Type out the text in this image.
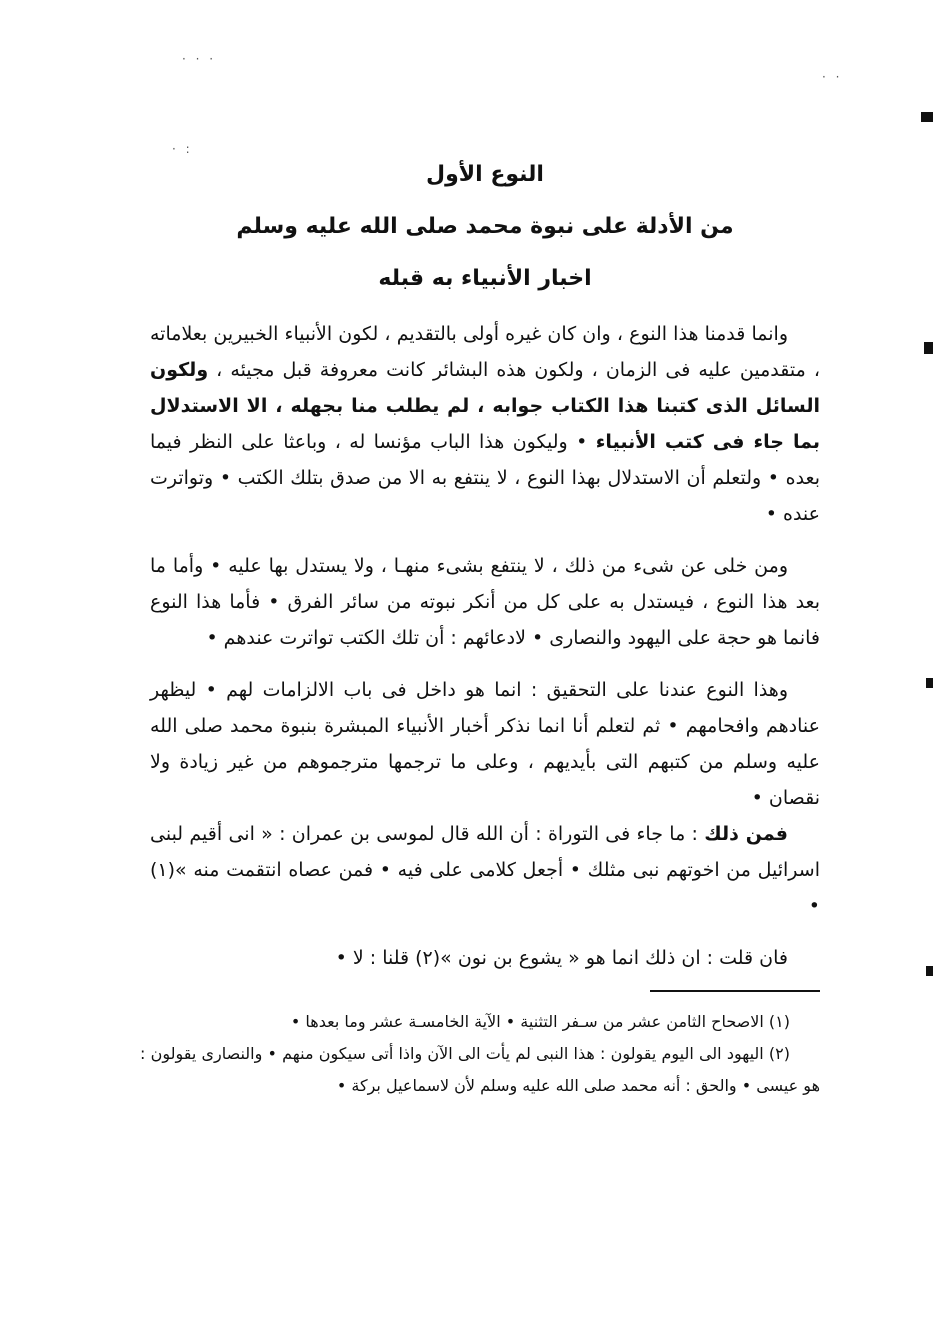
· · ·
· :
· ·
النوع الأول
من الأدلة على نبوة محمد صلى الله عليه وسلم
اخبار الأنبياء به قبله

وانما قدمنا هذا النوع ، وان كان غيره أولى بالتقديم ، لكون الأنبياء الخبيرين بعلاماته ، متقدمين عليه فى الزمان ، ولكون هذه البشائر كانت معروفة قبل مجيئه ، ولكون السائل الذى كتبنا هذا الكتاب جوابه ، لم يطلب منا بجهله ، الا الاستدلال بما جاء فى كتب الأنبياء • وليكون هذا الباب مؤنسا له ، وباعثا على النظر فيما بعده • ولتعلم أن الاستدلال بهذا النوع ، لا ينتفع به الا من صدق بتلك الكتب • وتواترت عنده •

ومن خلى عن شىء من ذلك ، لا ينتفع بشىء منهـا ، ولا يستدل بها عليه • وأما ما بعد هذا النوع ، فيستدل به على كل من أنكر نبوته من سائر الفرق • فأما هذا النوع فانما هو حجة على اليهود والنصارى • لادعائهم : أن تلك الكتب تواترت عندهم •

وهذا النوع عندنا على التحقيق : انما هو داخل فى باب الالزامات لهم • ليظهر عنادهم وافحامهم • ثم لتعلم أنا انما نذكر أخبار الأنبياء المبشرة بنبوة محمد صلى الله عليه وسلم من كتبهم التى بأيديهم ، وعلى ما ترجمها مترجموهم من غير زيادة ولا نقصان •

فمن ذلك : ما جاء فى التوراة : أن الله قال لموسى بن عمران : « انى أقيم لبنى اسرائيل من اخوتهم نبى مثلك • أجعل كلامى على فيه • فمن عصاه انتقمت منه »(١) •

فان قلت : ان ذلك انما هو « يشوع بن نون »(٢) قلنا : لا •

(١) الاصحاح الثامن عشر من سـفر التثنية • الآية الخامسـة عشر وما بعدها •

(٢) اليهود الى اليوم يقولون : هذا النبى لم يأت الى الآن واذا أتى سيكون منهم • والنصارى يقولون : هو عيسى • والحق : أنه محمد صلى الله عليه وسلم لأن لاسماعيل بركة •
